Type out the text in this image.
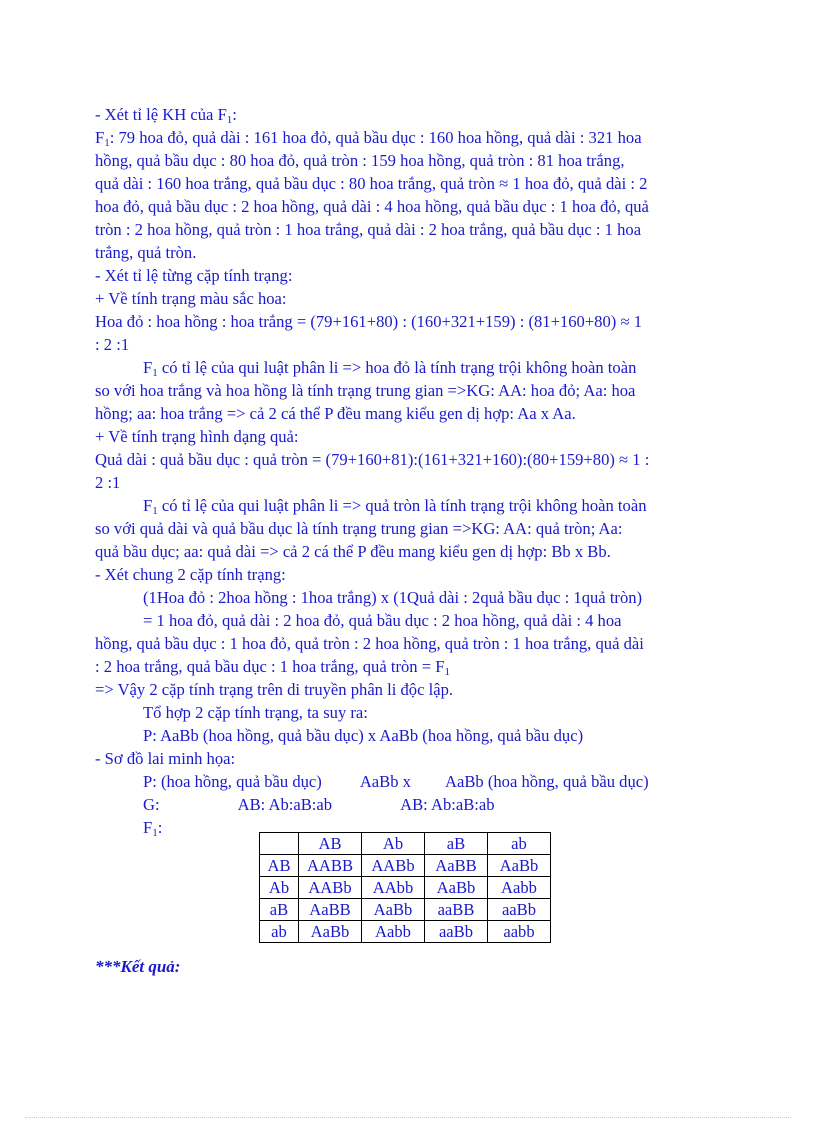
- Xét tỉ lệ KH của $F_1$:
$F_1$: 79 hoa đỏ, quả dài : 161 hoa đỏ, quả bầu dục : 160 hoa hồng, quả dài : 321 hoa
hồng, quả bầu dục : 80 hoa đỏ, quả tròn : 159 hoa hồng, quả tròn : 81 hoa trắng,
quả dài : 160 hoa trắng, quả bầu dục : 80 hoa trắng, quả tròn ≈ 1 hoa đỏ, quả dài : 2
hoa đỏ, quả bầu dục : 2 hoa hồng, quả dài : 4 hoa hồng, quả bầu dục : 1 hoa đỏ, quả
tròn : 2 hoa hồng, quả tròn : 1 hoa trắng, quả dài : 2 hoa trắng, quả bầu dục : 1 hoa
trắng, quả tròn.
- Xét tỉ lệ từng cặp tính trạng:
+ Về tính trạng màu sắc hoa:
Hoa đỏ : hoa hồng : hoa trắng = (79+161+80) : (160+321+159) : (81+160+80) ≈ 1
: 2 :1
$F_1$ có tỉ lệ của qui luật phân li => hoa đỏ là tính trạng trội không hoàn toàn
so với hoa trắng và hoa hồng là tính trạng trung gian =>KG: AA: hoa đỏ; Aa: hoa
hồng; aa: hoa trắng => cả 2 cá thể P đều mang kiểu gen dị hợp: Aa x Aa.
+ Về tính trạng hình dạng quả:
Quả dài : quả bầu dục : quả tròn = (79+160+81):(161+321+160):(80+159+80) ≈ 1 :
2 :1
$F_1$ có tỉ lệ của qui luật phân li => quả tròn là tính trạng trội không hoàn toàn
so với quả dài và quả bầu dục là tính trạng trung gian =>KG: AA: quả tròn; Aa:
quả bầu dục; aa: quả dài => cả 2 cá thể P đều mang kiểu gen dị hợp: Bb x Bb.
- Xét chung 2 cặp tính trạng:
(1Hoa đỏ : 2hoa hồng : 1hoa trắng) x (1Quả dài : 2quả bầu dục : 1quả tròn)
= 1 hoa đỏ, quả dài : 2 hoa đỏ, quả bầu dục : 2 hoa hồng, quả dài : 4 hoa
hồng, quả bầu dục : 1 hoa đỏ, quả tròn : 2 hoa hồng, quả tròn : 1 hoa trắng, quả dài
: 2 hoa trắng, quả bầu dục : 1 hoa trắng, quả tròn = $F_1$
=> Vậy 2 cặp tính trạng trên di truyền phân li độc lập.
Tổ hợp 2 cặp tính trạng, ta suy ra:
P: AaBb (hoa hồng, quả bầu dục) x AaBb (hoa hồng, quả bầu dục)
- Sơ đồ lai minh họa:
P: (hoa hồng, quả bầu dục) AaBb x AaBb (hoa hồng, quả bầu dục)
G:	AB: Ab:aB:ab	AB: Ab:aB:ab
$F_1$:
	AB	Ab	aB	ab
AB	AABB	AABb	AaBB	AaBb
Ab	AABb	AAbb	AaBb	Aabb
aB	AaBB	AaBb	aaBB	aaBb
ab	AaBb	Aabb	aaBb	aabb
***Kết quả:
